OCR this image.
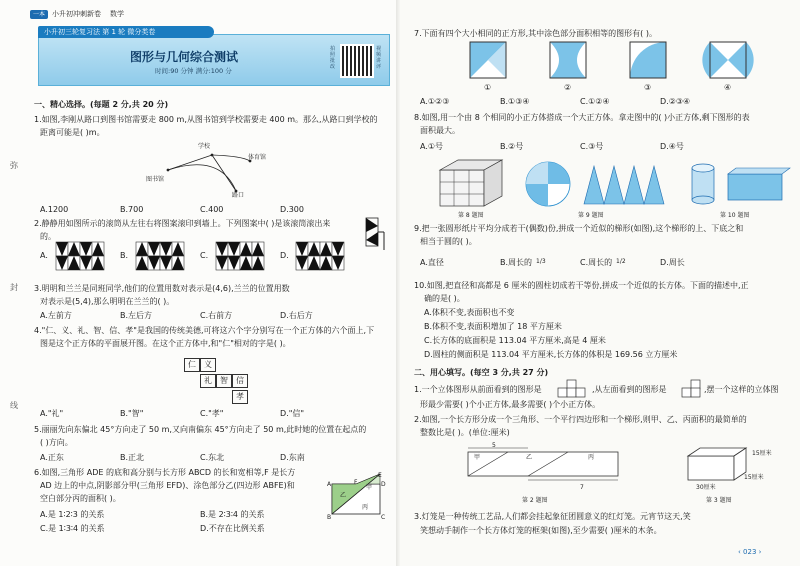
一本	小升初冲刺新卷 数学
小升初三轮复习法 第 1 轮 微分类卷
图形与几何综合测试
时间:90 分钟 满分:100 分
拍照批改
视频讲评
弥
封
线
一、精心选择。(每题 2 分,共 20 分)
1.如图,李刚从路口到图书馆需要走 800 m,从图书馆到学校需要走 400 m。那么,从路口到学校的
距离可能是( )m。
学校
体育馆
图书馆
路口
A.1200	B.700	C.400	D.300
2.静静用如图所示的滚筒从左往右将图案滚印到墙上。下列图案中( )是该滚筒滚出来
的。
A.	B.	C.	D.
3.明明和兰兰是同班同学,他们的位置用数对表示是(4,6),兰兰的位置用数
对表示是(5,4),那么明明在兰兰的( )。
A.左前方	B.左后方	C.右前方	D.右后方
4."仁、义、礼、智、信、孝"是我国的传统美德,可将这六个字分别写在一个正方体的六个面上,下
图是这个正方体的平面展开图。在这个正方体中,和"仁"相对的字是( )。
仁	义
礼	智	信
孝
A."礼"	B."智"	C."孝"	D."信"
5.丽丽先向东偏北 45°方向走了 50 m,又向南偏东 45°方向走了 50 m,此时她的位置在起点的
( )方向。
A.正东	B.正北	C.东北	D.东南
6.如图,三角形 ADE 的底和高分别与长方形 ABCD 的长和宽相等,F 是长方
AD 边上的中点,阴影部分甲(三角形 EFD)、涂色部分乙(四边形 ABFE)和
空白部分丙的面积( )。
E
A	F	D
甲
乙
B
丙
C
A.是 1∶2∶3 的关系	B.是 2∶3∶4 的关系
C.是 1∶3∶4 的关系	D.不存在比例关系
7.下面有四个大小相同的正方形,其中涂色部分面积相等的图形有( )。
①	②	③	④
A.①②③	B.①③④	C.①②④	D.②③④
8.如图,用一个由 8 个相同的小正方体搭成一个大正方体。拿走图中的( )小正方体,剩下图形的表
面积最大。
A.①号	B.②号	C.③号	D.④号
第 8 题图	第 9 题图	第 10 题图
9.把一张圆形纸片平均分成若干(偶数)份,拼成一个近似的梯形(如图),这个梯形的上、下底之和
相当于圆的( )。
A.直径	B.周长的 1/3	C.周长的 1/2	D.周长
10.如图,把直径和高都是 6 厘米的圆柱切成若干等份,拼成一个近似的长方体。下面的描述中,正
确的是( )。
A.体积不变,表面积也不变
B.体积不变,表面积增加了 18 平方厘米
C.长方体的底面积是 113.04 平方厘米,高是 4 厘米
D.圆柱的侧面积是 113.04 平方厘米,长方体的体积是 169.56 立方厘米
二、用心填写。(每空 3 分,共 27 分)
1.一个立体图形从前面看到的图形是	,从左面看到的图形是	,摆一个这样的立体图
形最少需要( )个小正方体,最多需要( )个小正方体。
2.如图,一个长方形分成一个三角形、一个平行四边形和一个梯形,则甲、乙、丙面积的最简单的
整数比是( )。(单位:厘米)
甲	乙	丙
5
7
15厘米
15厘米
30厘米
第 2 题图	第 3 题图
3.灯笼是一种传统工艺品,人们都会挂起象征团圆意义的红灯笼。元宵节这天,笑
笑想动手制作一个长方体灯笼的框架(如图),至少需要( )厘米的木条。
‹ 023 ›
